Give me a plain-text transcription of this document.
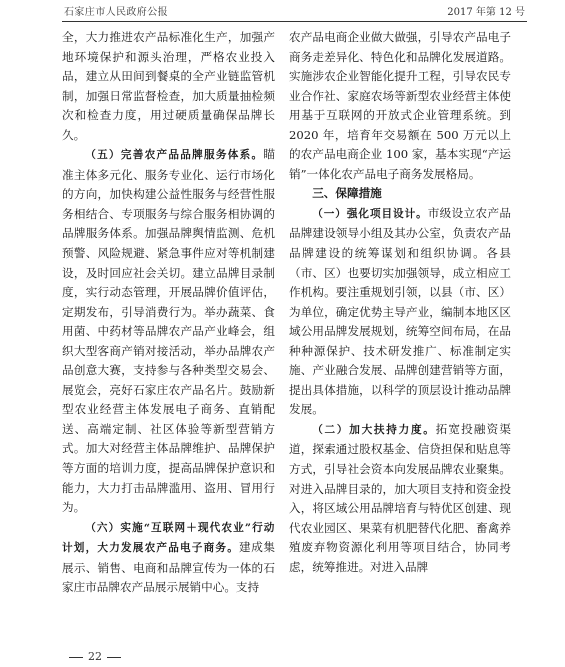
石家庄市人民政府公报	2017 年第 12 号

全，大力推进农产品标准化生产，加强产地环境保护和源头治理，严格农业投入品，建立从田间到餐桌的全产业链监管机制，加强日常监督检查，加大质量抽检频次和检查力度，用过硬质量确保品牌长久。

（五）完善农产品品牌服务体系。瞄准主体多元化、服务专业化、运行市场化的方向，加快构建公益性服务与经营性服务相结合、专项服务与综合服务相协调的品牌服务体系。加强品牌舆情监测、危机预警、风险规避、紧急事件应对等机制建设，及时回应社会关切。建立品牌目录制度，实行动态管理，开展品牌价值评估，定期发布，引导消费行为。举办蔬菜、食用菌、中药材等品牌农产品产业峰会，组织大型客商产销对接活动，举办品牌农产品创意大赛，支持参与各种类型交易会、展览会，亮好石家庄农产品名片。鼓励新型农业经营主体发展电子商务、直销配送、高端定制、社区体验等新型营销方式。加大对经营主体品牌维护、品牌保护等方面的培训力度，提高品牌保护意识和能力，大力打击品牌滥用、盗用、冒用行为。

（六）实施“互联网＋现代农业”行动计划，大力发展农产品电子商务。建成集展示、销售、电商和品牌宣传为一体的石家庄市品牌农产品展示展销中心。支持

农产品电商企业做大做强，引导农产品电子商务走差异化、特色化和品牌化发展道路。实施涉农企业智能化提升工程，引导农民专业合作社、家庭农场等新型农业经营主体使用基于互联网的开放式企业管理系统。到 2020 年，培育年交易额在 500 万元以上的农产品电商企业 100 家，基本实现“产运销”一体化农产品电子商务发展格局。

三、保障措施

（一）强化项目设计。市级设立农产品品牌建设领导小组及其办公室，负责农产品品牌建设的统筹谋划和组织协调。各县（市、区）也要切实加强领导，成立相应工作机构。要注重规划引领，以县（市、区）为单位，确定优势主导产业，编制本地区区域公用品牌发展规划，统筹空间布局，在品种种源保护、技术研发推广、标准制定实施、产业融合发展、品牌创建营销等方面，提出具体措施，以科学的顶层设计推动品牌发展。

（二）加大扶持力度。拓宽投融资渠道，探索通过股权基金、信贷担保和贴息等方式，引导社会资本向发展品牌农业聚集。对进入品牌目录的，加大项目支持和资金投入，将区域公用品牌培育与特优区创建、现代农业园区、果菜有机肥替代化肥、畜禽养殖废弃物资源化利用等项目结合，协同考虑，统筹推进。对进入品牌

22
